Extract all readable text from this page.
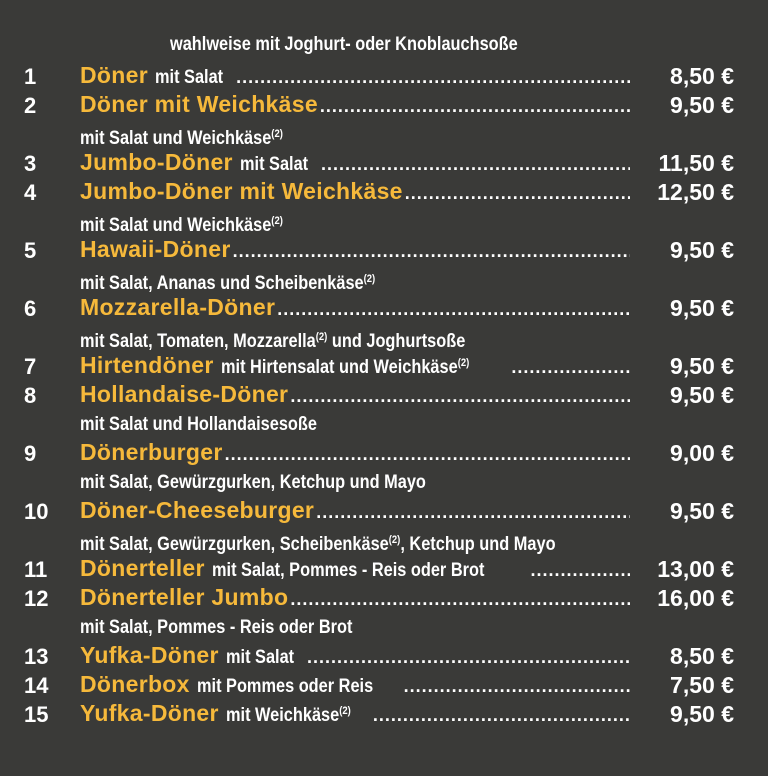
wahlweise mit Joghurt- oder Knoblauchsoße
1 Döner mit Salat .....	8,50 €
2 Döner mit Weichkäse .....	9,50 €
mit Salat und Weichkäse$^{(2)}$
3 Jumbo-Döner mit Salat .....	11,50 €
4 Jumbo-Döner mit Weichkäse .....	12,50 €
mit Salat und Weichkäse$^{(2)}$
5 Hawaii-Döner .....	9,50 €
mit Salat, Ananas und Scheibenkäse$^{(2)}$
6 Mozzarella-Döner .....	9,50 €
mit Salat, Tomaten, Mozzarella$^{(2)}$ und Joghurtsoße
7 Hirtendöner mit Hirtensalat und Weichkäse$^{(2)}$ .....	9,50 €
8 Hollandaise-Döner .....	9,50 €
mit Salat und Hollandaisesoße
9 Dönerburger .....	9,00 €
mit Salat, Gewürzgurken, Ketchup und Mayo
10 Döner-Cheeseburger .....	9,50 €
mit Salat, Gewürzgurken, Scheibenkäse$^{(2)}$, Ketchup und Mayo
11 Dönerteller mit Salat, Pommes - Reis oder Brot .....	13,00 €
12 Dönerteller Jumbo .....	16,00 €
mit Salat, Pommes - Reis oder Brot
13 Yufka-Döner mit Salat .....	8,50 €
14 Dönerbox mit Pommes oder Reis .....	7,50 €
15 Yufka-Döner mit Weichkäse$^{(2)}$ .....	9,50 €
